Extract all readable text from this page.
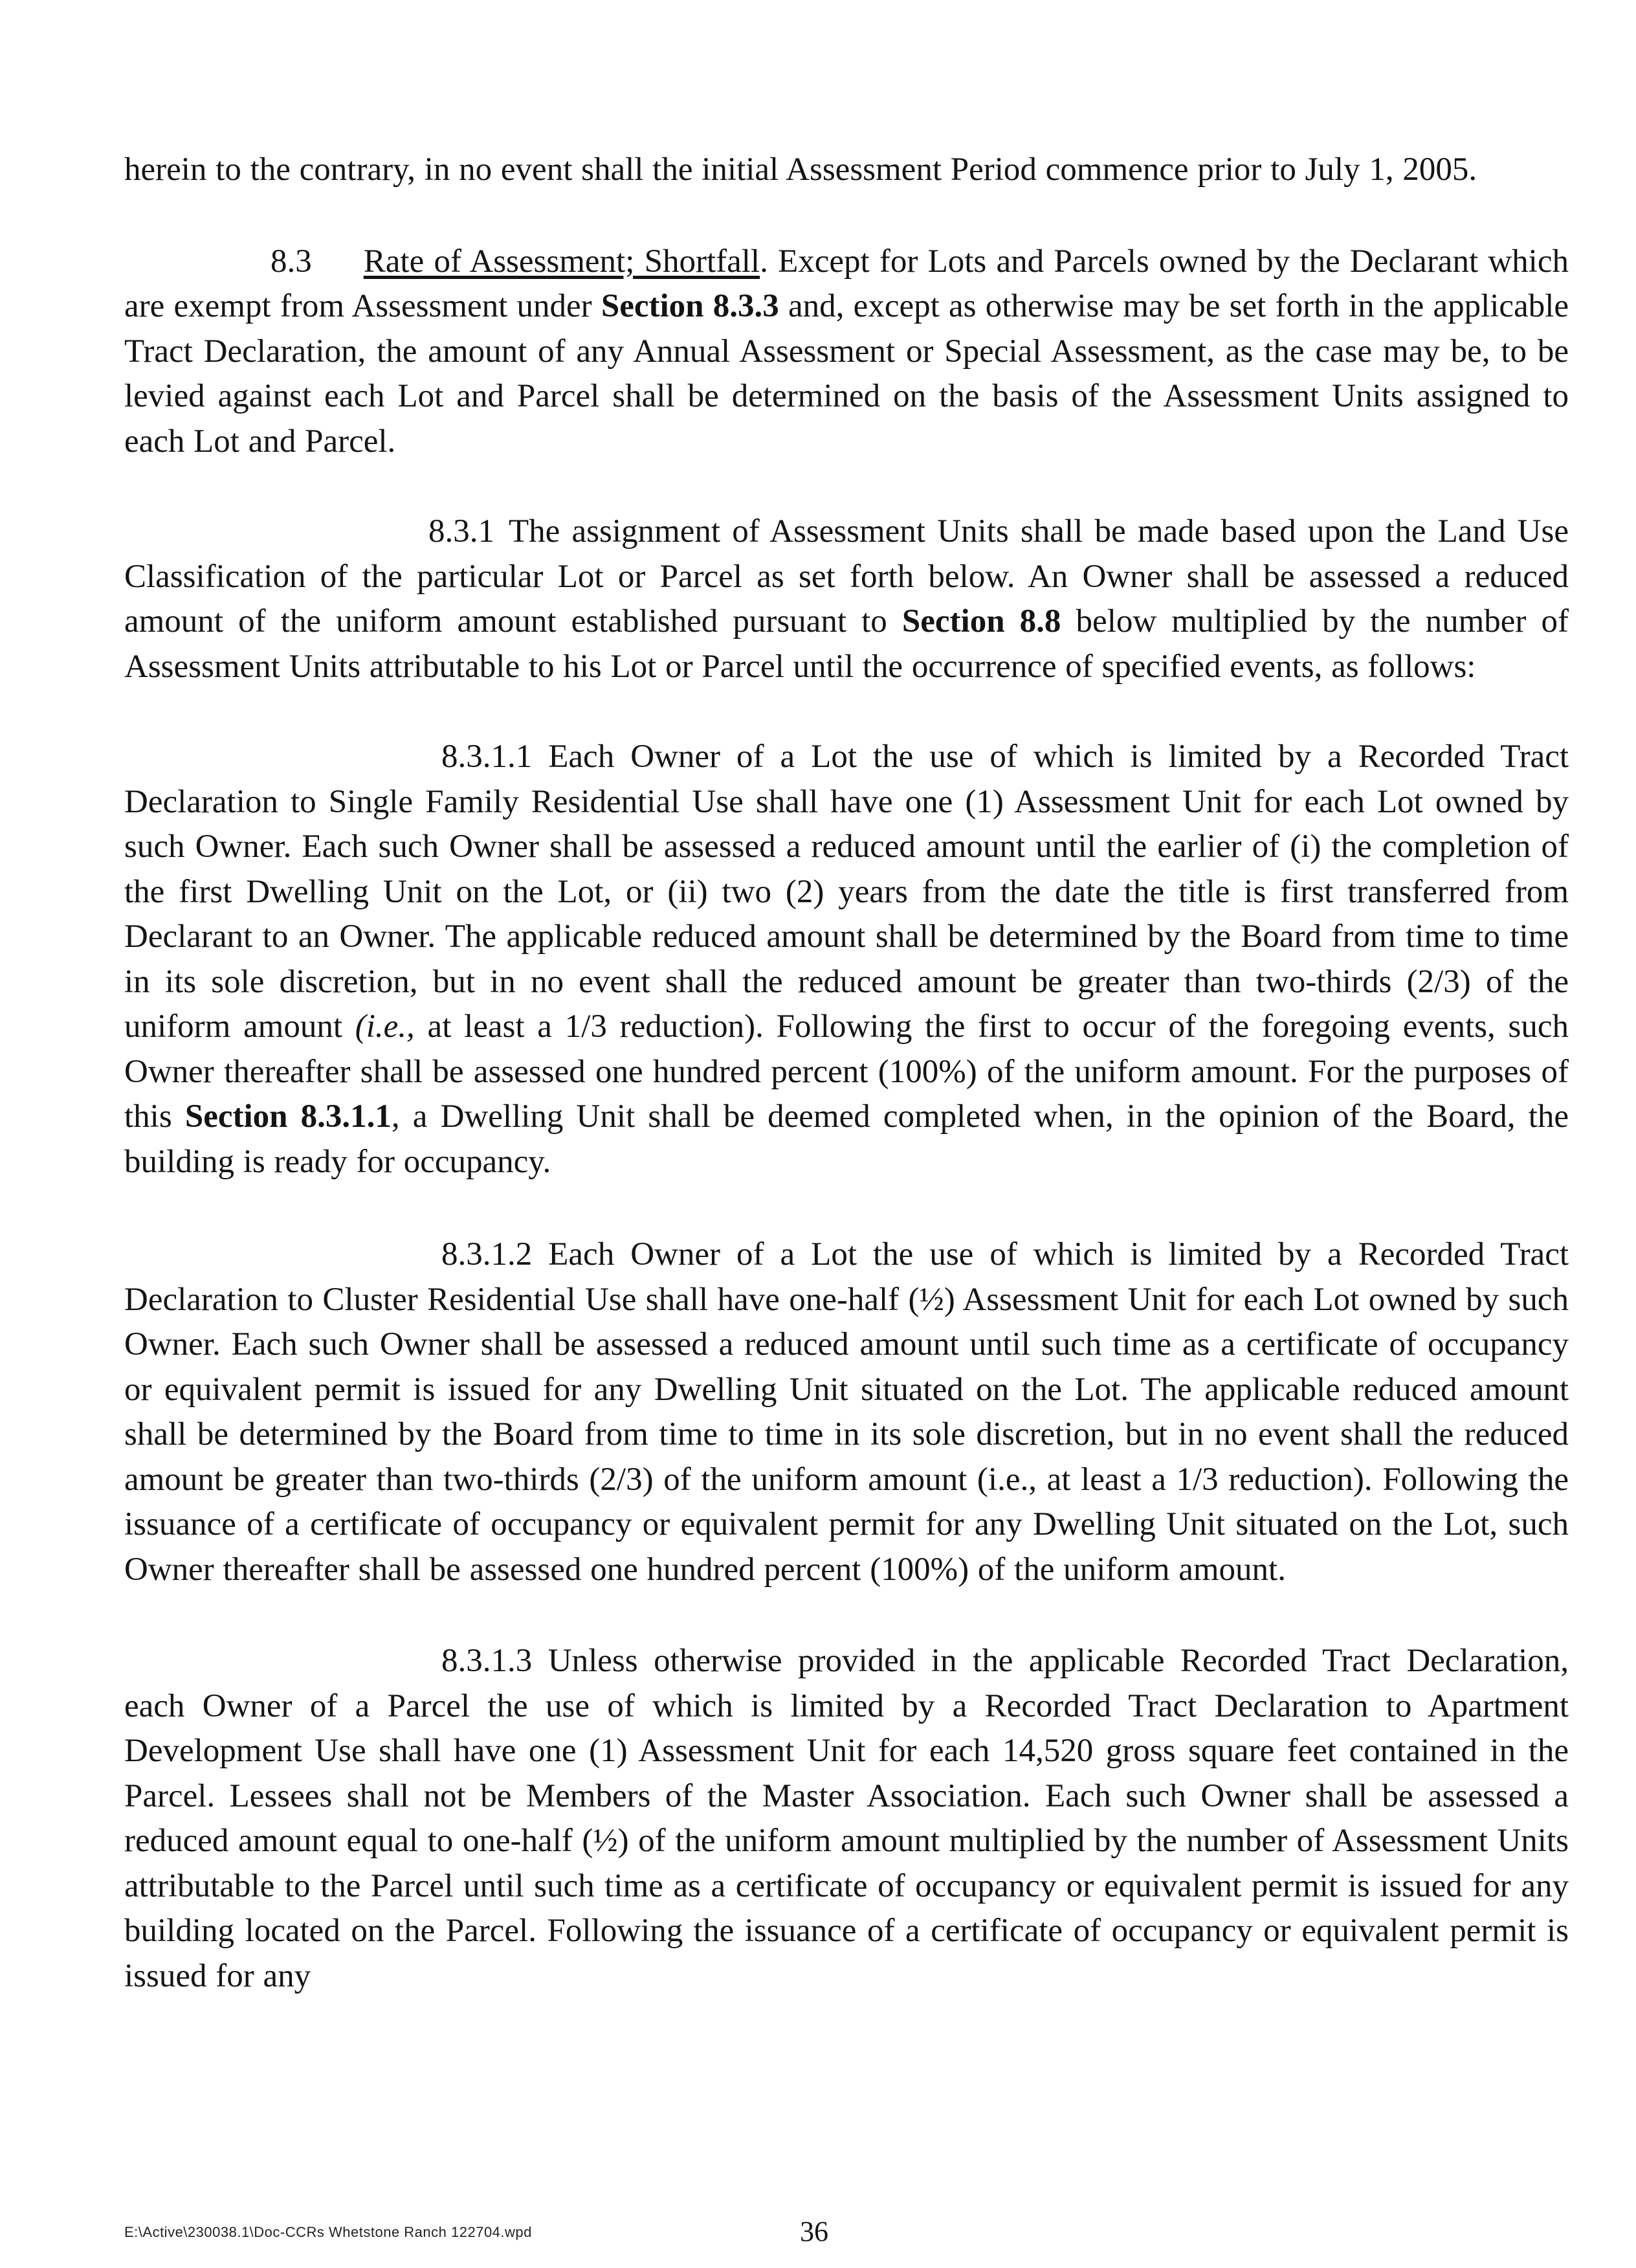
herein to the contrary, in no event shall the initial Assessment Period commence prior to July 1, 2005.

8.3 Rate of Assessment; Shortfall. Except for Lots and Parcels owned by the Declarant which are exempt from Assessment under Section 8.3.3 and, except as otherwise may be set forth in the applicable Tract Declaration, the amount of any Annual Assessment or Special Assessment, as the case may be, to be levied against each Lot and Parcel shall be determined on the basis of the Assessment Units assigned to each Lot and Parcel.

8.3.1 The assignment of Assessment Units shall be made based upon the Land Use Classification of the particular Lot or Parcel as set forth below. An Owner shall be assessed a reduced amount of the uniform amount established pursuant to Section 8.8 below multiplied by the number of Assessment Units attributable to his Lot or Parcel until the occurrence of specified events, as follows:

8.3.1.1 Each Owner of a Lot the use of which is limited by a Recorded Tract Declaration to Single Family Residential Use shall have one (1) Assessment Unit for each Lot owned by such Owner. Each such Owner shall be assessed a reduced amount until the earlier of (i) the completion of the first Dwelling Unit on the Lot, or (ii) two (2) years from the date the title is first transferred from Declarant to an Owner. The applicable reduced amount shall be determined by the Board from time to time in its sole discretion, but in no event shall the reduced amount be greater than two-thirds (2/3) of the uniform amount (i.e., at least a 1/3 reduction). Following the first to occur of the foregoing events, such Owner thereafter shall be assessed one hundred percent (100%) of the uniform amount. For the purposes of this Section 8.3.1.1, a Dwelling Unit shall be deemed completed when, in the opinion of the Board, the building is ready for occupancy.

8.3.1.2 Each Owner of a Lot the use of which is limited by a Recorded Tract Declaration to Cluster Residential Use shall have one-half (½) Assessment Unit for each Lot owned by such Owner. Each such Owner shall be assessed a reduced amount until such time as a certificate of occupancy or equivalent permit is issued for any Dwelling Unit situated on the Lot. The applicable reduced amount shall be determined by the Board from time to time in its sole discretion, but in no event shall the reduced amount be greater than two-thirds (2/3) of the uniform amount (i.e., at least a 1/3 reduction). Following the issuance of a certificate of occupancy or equivalent permit for any Dwelling Unit situated on the Lot, such Owner thereafter shall be assessed one hundred percent (100%) of the uniform amount.

8.3.1.3 Unless otherwise provided in the applicable Recorded Tract Declaration, each Owner of a Parcel the use of which is limited by a Recorded Tract Declaration to Apartment Development Use shall have one (1) Assessment Unit for each 14,520 gross square feet contained in the Parcel. Lessees shall not be Members of the Master Association. Each such Owner shall be assessed a reduced amount equal to one-half (½) of the uniform amount multiplied by the number of Assessment Units attributable to the Parcel until such time as a certificate of occupancy or equivalent permit is issued for any building located on the Parcel. Following the issuance of a certificate of occupancy or equivalent permit is issued for any

E:\Active\230038.1\Doc-CCRs Whetstone Ranch 122704.wpd	36
